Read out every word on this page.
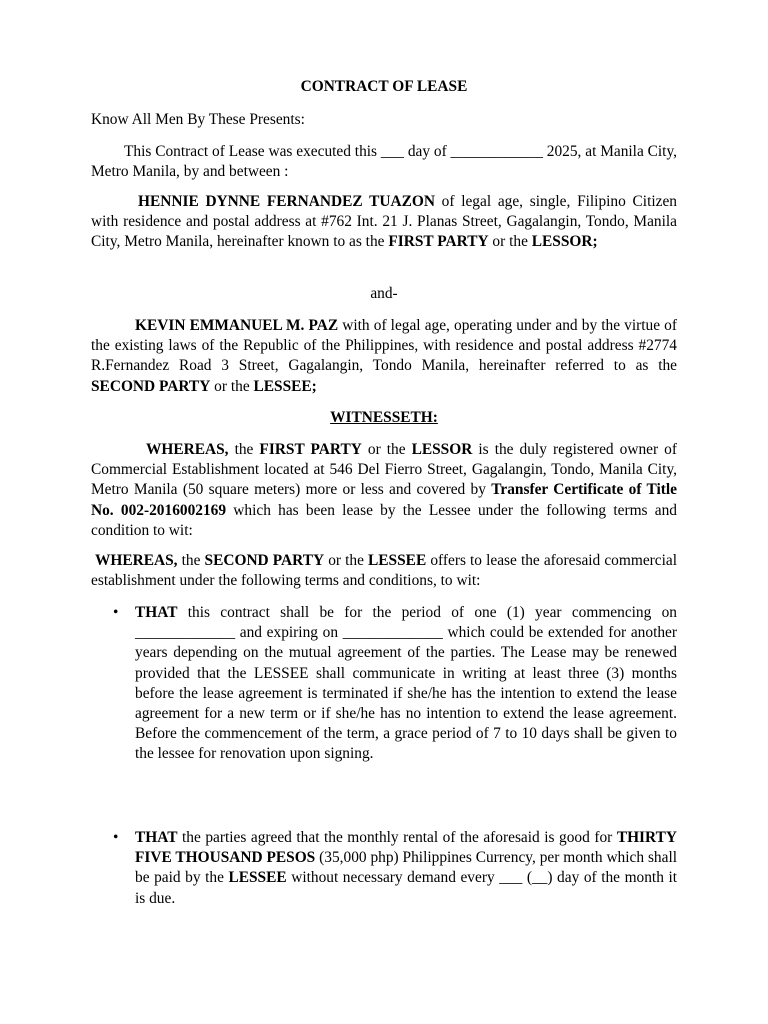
CONTRACT OF LEASE

Know All Men By These Presents:

This Contract of Lease was executed this ___ day of ____________ 2025, at Manila City, Metro Manila, by and between :

HENNIE DYNNE FERNANDEZ TUAZON of legal age, single, Filipino Citizen with residence and postal address at #762 Int. 21 J. Planas Street, Gagalangin, Tondo, Manila City, Metro Manila, hereinafter known to as the FIRST PARTY or the LESSOR;

and-

KEVIN EMMANUEL M. PAZ with of legal age, operating under and by the virtue of the existing laws of the Republic of the Philippines, with residence and postal address #2774 R.Fernandez Road 3 Street, Gagalangin, Tondo Manila, hereinafter referred to as the SECOND PARTY or the LESSEE;

WITNESSETH:

WHEREAS, the FIRST PARTY or the LESSOR is the duly registered owner of Commercial Establishment located at 546 Del Fierro Street, Gagalangin, Tondo, Manila City, Metro Manila (50 square meters) more or less and covered by Transfer Certificate of Title No. 002-2016002169 which has been lease by the Lessee under the following terms and condition to wit:

WHEREAS, the SECOND PARTY or the LESSEE offers to lease the aforesaid commercial establishment under the following terms and conditions, to wit:

• THAT this contract shall be for the period of one (1) year commencing on _____________ and expiring on _____________ which could be extended for another years depending on the mutual agreement of the parties. The Lease may be renewed provided that the LESSEE shall communicate in writing at least three (3) months before the lease agreement is terminated if she/he has the intention to extend the lease agreement for a new term or if she/he has no intention to extend the lease agreement. Before the commencement of the term, a grace period of 7 to 10 days shall be given to the lessee for renovation upon signing.
• THAT the parties agreed that the monthly rental of the aforesaid is good for THIRTY FIVE THOUSAND PESOS (35,000 php) Philippines Currency, per month which shall be paid by the LESSEE without necessary demand every ___ (__) day of the month it is due.
